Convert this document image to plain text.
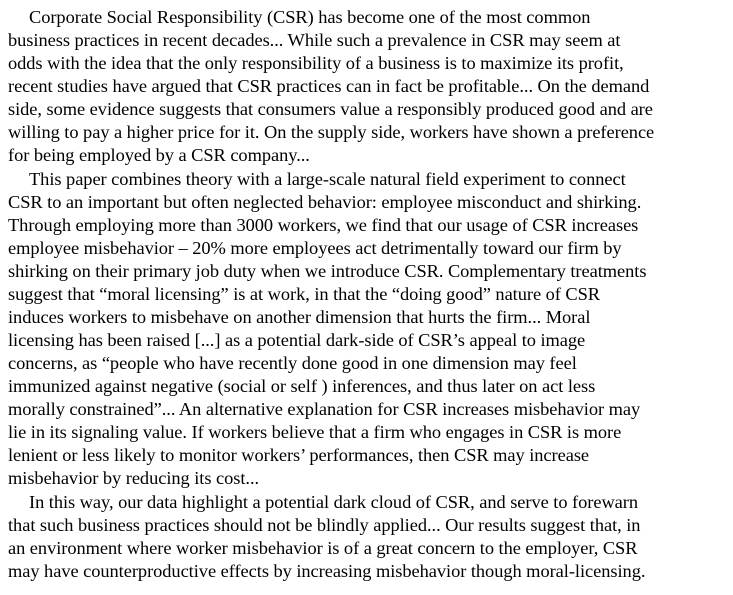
Corporate Social Responsibility (CSR) has become one of the most common
business practices in recent decades... While such a prevalence in CSR may seem at
odds with the idea that the only responsibility of a business is to maximize its profit,
recent studies have argued that CSR practices can in fact be profitable... On the demand
side, some evidence suggests that consumers value a responsibly produced good and are
willing to pay a higher price for it. On the supply side, workers have shown a preference
for being employed by a CSR company...
This paper combines theory with a large-scale natural field experiment to connect
CSR to an important but often neglected behavior: employee misconduct and shirking.
Through employing more than 3000 workers, we find that our usage of CSR increases
employee misbehavior – 20% more employees act detrimentally toward our firm by
shirking on their primary job duty when we introduce CSR. Complementary treatments
suggest that “moral licensing” is at work, in that the “doing good” nature of CSR
induces workers to misbehave on another dimension that hurts the firm... Moral
licensing has been raised [...] as a potential dark-side of CSR’s appeal to image
concerns, as “people who have recently done good in one dimension may feel
immunized against negative (social or self ) inferences, and thus later on act less
morally constrained”... An alternative explanation for CSR increases misbehavior may
lie in its signaling value. If workers believe that a firm who engages in CSR is more
lenient or less likely to monitor workers’ performances, then CSR may increase
misbehavior by reducing its cost...
In this way, our data highlight a potential dark cloud of CSR, and serve to forewarn
that such business practices should not be blindly applied... Our results suggest that, in
an environment where worker misbehavior is of a great concern to the employer, CSR
may have counterproductive effects by increasing misbehavior though moral-licensing.
